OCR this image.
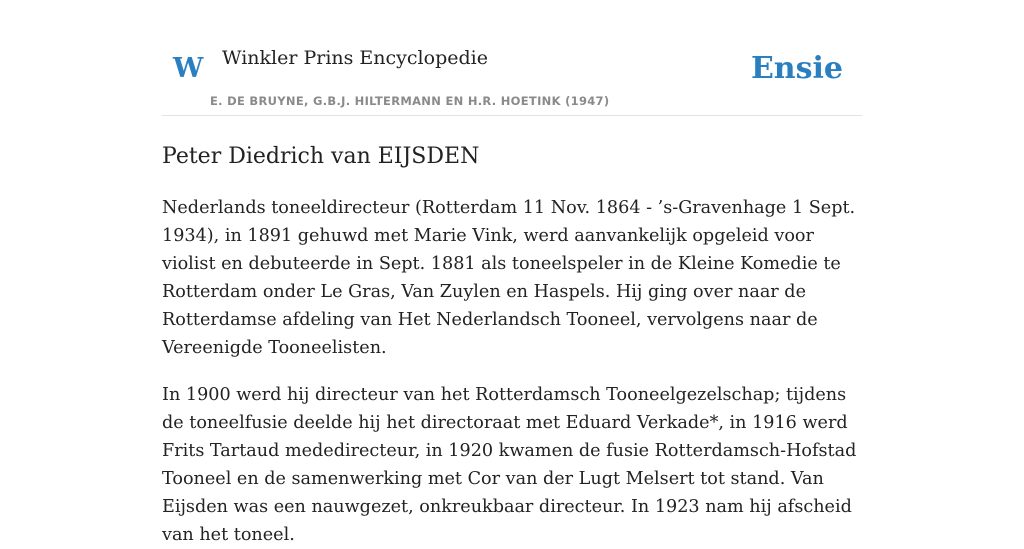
W Winkler Prins Encyclopedie
E. DE BRUYNE, G.B.J. HILTERMANN EN H.R. HOETINK (1947)
Ensie
Peter Diedrich van EIJSDEN

Nederlands toneeldirecteur (Rotterdam 11 Nov. 1864 - ’s-Gravenhage 1 Sept. 1934), in 1891 gehuwd met Marie Vink, werd aanvankelijk opgeleid voor violist en debuteerde in Sept. 1881 als toneelspeler in de Kleine Komedie te Rotterdam onder Le Gras, Van Zuylen en Haspels. Hij ging over naar de Rotterdamse afdeling van Het Nederlandsch Tooneel, vervolgens naar de Vereenigde Tooneelisten.

In 1900 werd hij directeur van het Rotterdamsch Tooneelgezelschap; tijdens de toneelfusie deelde hij het directoraat met Eduard Verkade*, in 1916 werd Frits Tartaud mededirecteur, in 1920 kwamen de fusie Rotterdamsch-Hofstad Tooneel en de samenwerking met Cor van der Lugt Melsert tot stand. Van Eijsden was een nauwgezet, onkreukbaar directeur. In 1923 nam hij afscheid van het toneel.
